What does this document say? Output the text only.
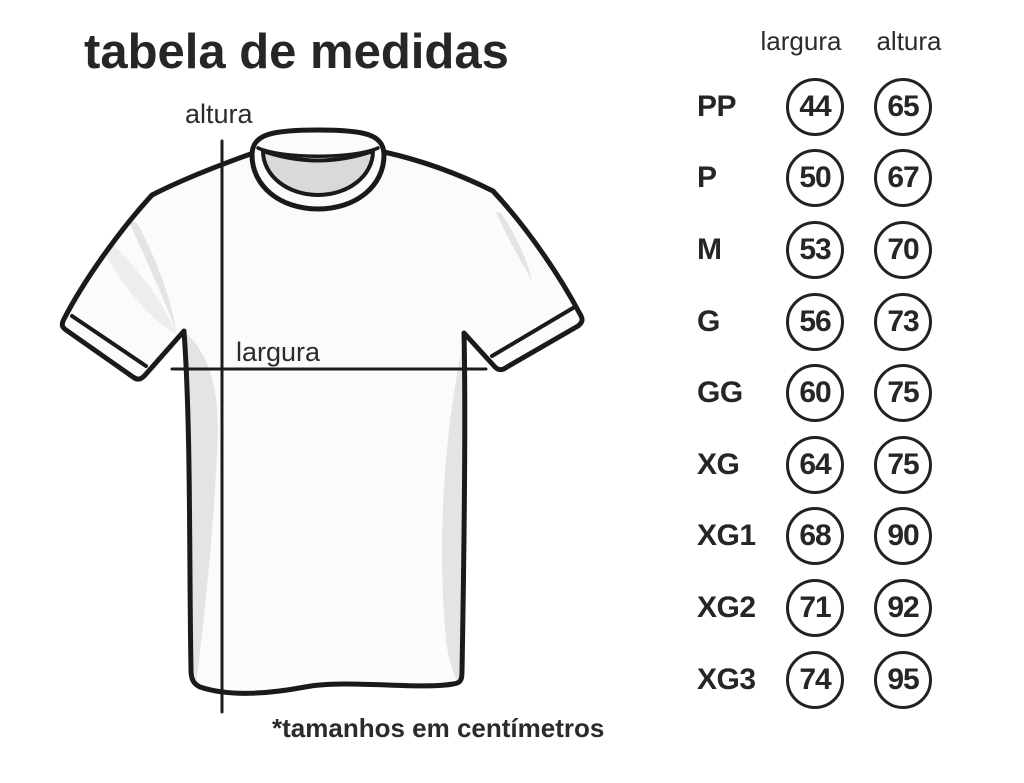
tabela de medidas
altura
largura
*tamanhos em centímetros
largura altura
PP	44	65
P	50	67
M	53	70
G	56	73
GG	60	75
XG	64	75
XG1	68	90
XG2	71	92
XG3	74	95
